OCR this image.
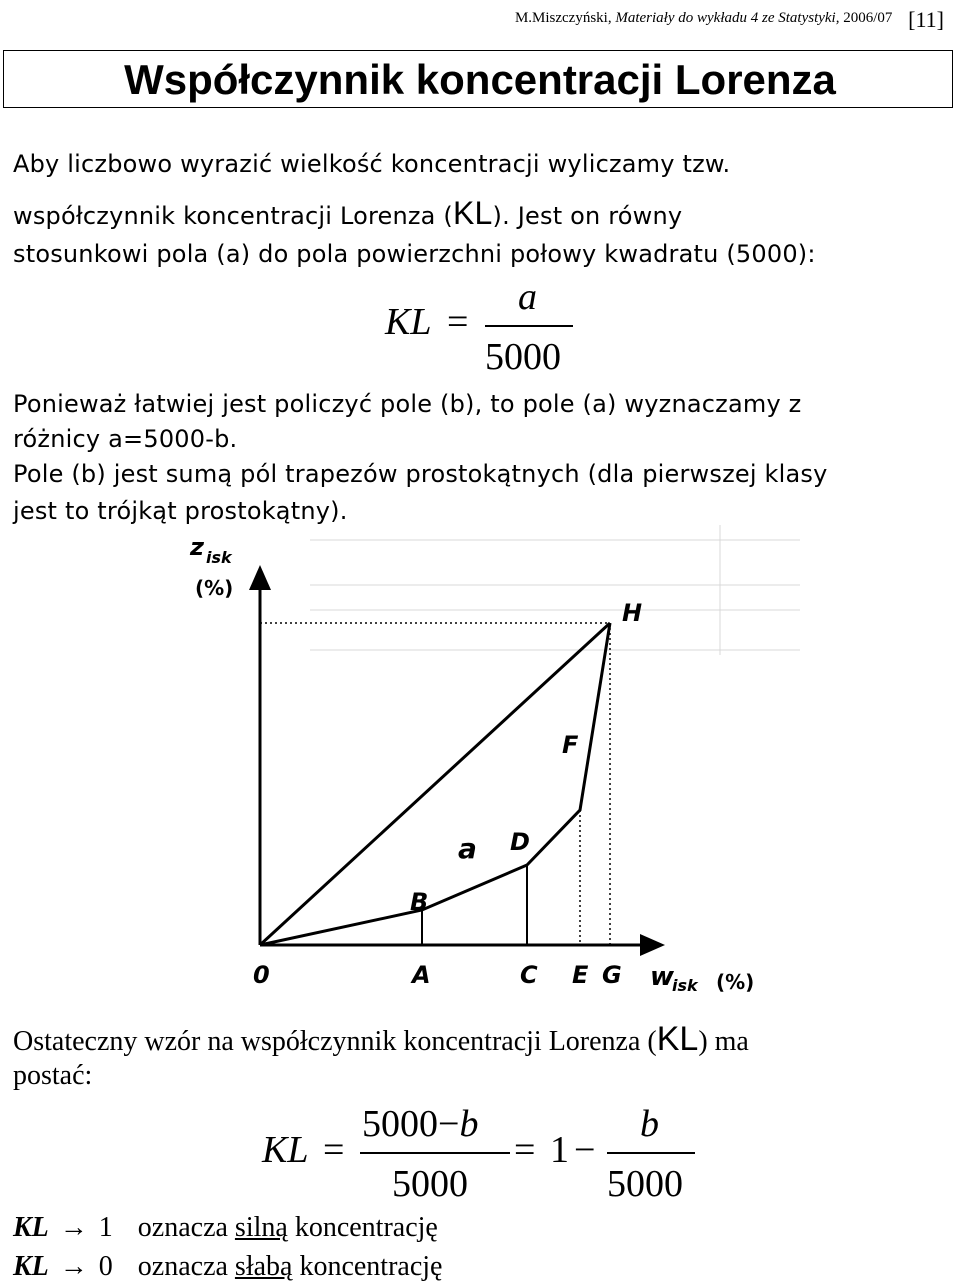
M.Miszczyński, Materiały do wykładu 4 ze Statystyki, 2006/07 [11]
Współczynnik koncentracji Lorenza
Aby liczbowo wyrazić wielkość koncentracji wyliczamy tzw.
współczynnik koncentracji Lorenza (KL). Jest on równy
stosunkowi pola (a) do pola powierzchni połowy kwadratu (5000):
KL =
a
5000
Ponieważ łatwiej jest policzyć pole (b), to pole (a) wyznaczamy z
różnicy a=5000-b.
Pole (b) jest sumą pól trapezów prostokątnych (dla pierwszej klasy
jest to trójkąt prostokątny).
z isk
(%)
w
isk (%)
0	A
B
C
D
E
F
G
H
a
Ostateczny wzór na współczynnik koncentracji Lorenza (KL) ma
postać:
KL =
5000−b
5000
= 1 −
b
5000
KL → 1 oznacza silną koncentrację
KL → 0 oznacza słabą koncentrację
